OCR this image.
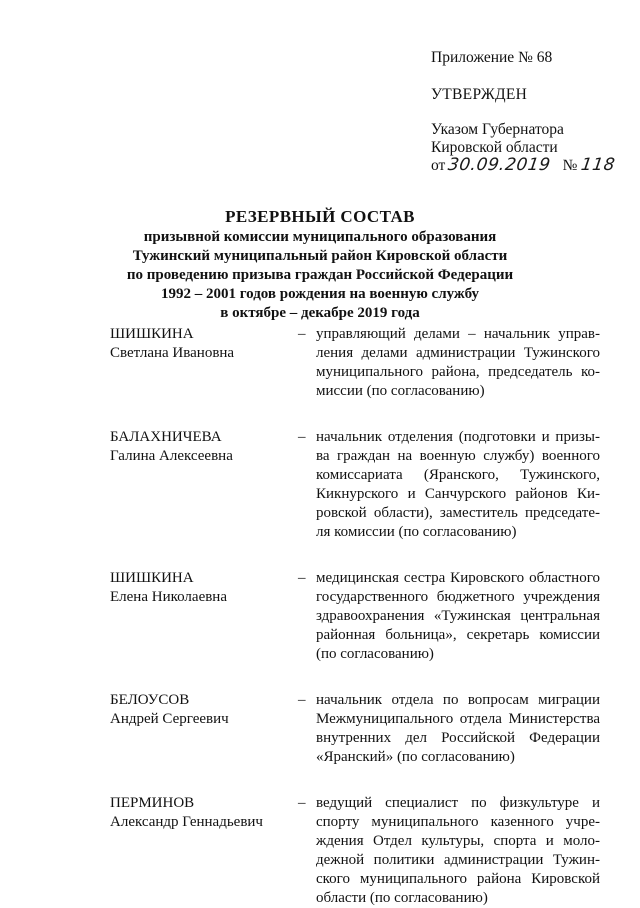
Приложение № 68
УТВЕРЖДЕН
Указом Губернатора
Кировской области
от 30.09.2019 № 118
РЕЗЕРВНЫЙ СОСТАВ
призывной комиссии муниципального образования
Тужинский муниципальный район Кировской области
по проведению призыва граждан Российской Федерации
1992 – 2001 годов рождения на военную службу
в октябре – декабре 2019 года
ШИШКИНА
Светлана Ивановна
– управляющий делами – начальник управ-
ления делами администрации Тужинского
муниципального района, председатель ко-
миссии (по согласованию)
БАЛАХНИЧЕВА
Галина Алексеевна
– начальник отделения (подготовки и призы-
ва граждан на военную службу) военного
комиссариата (Яранского, Тужинского,
Кикнурского и Санчурского районов Ки-
ровской области), заместитель председате-
ля комиссии (по согласованию)
ШИШКИНА
Елена Николаевна
– медицинская сестра Кировского областного
государственного бюджетного учреждения
здравоохранения «Тужинская центральная
районная больница», секретарь комиссии
(по согласованию)
БЕЛОУСОВ
Андрей Сергеевич
– начальник отдела по вопросам миграции
Межмуниципального отдела Министерства
внутренних дел Российской Федерации
«Яранский» (по согласованию)
ПЕРМИНОВ
Александр Геннадьевич
– ведущий специалист по физкультуре и
спорту муниципального казенного учре-
ждения Отдел культуры, спорта и моло-
дежной политики администрации Тужин-
ского муниципального района Кировской
области (по согласованию)
